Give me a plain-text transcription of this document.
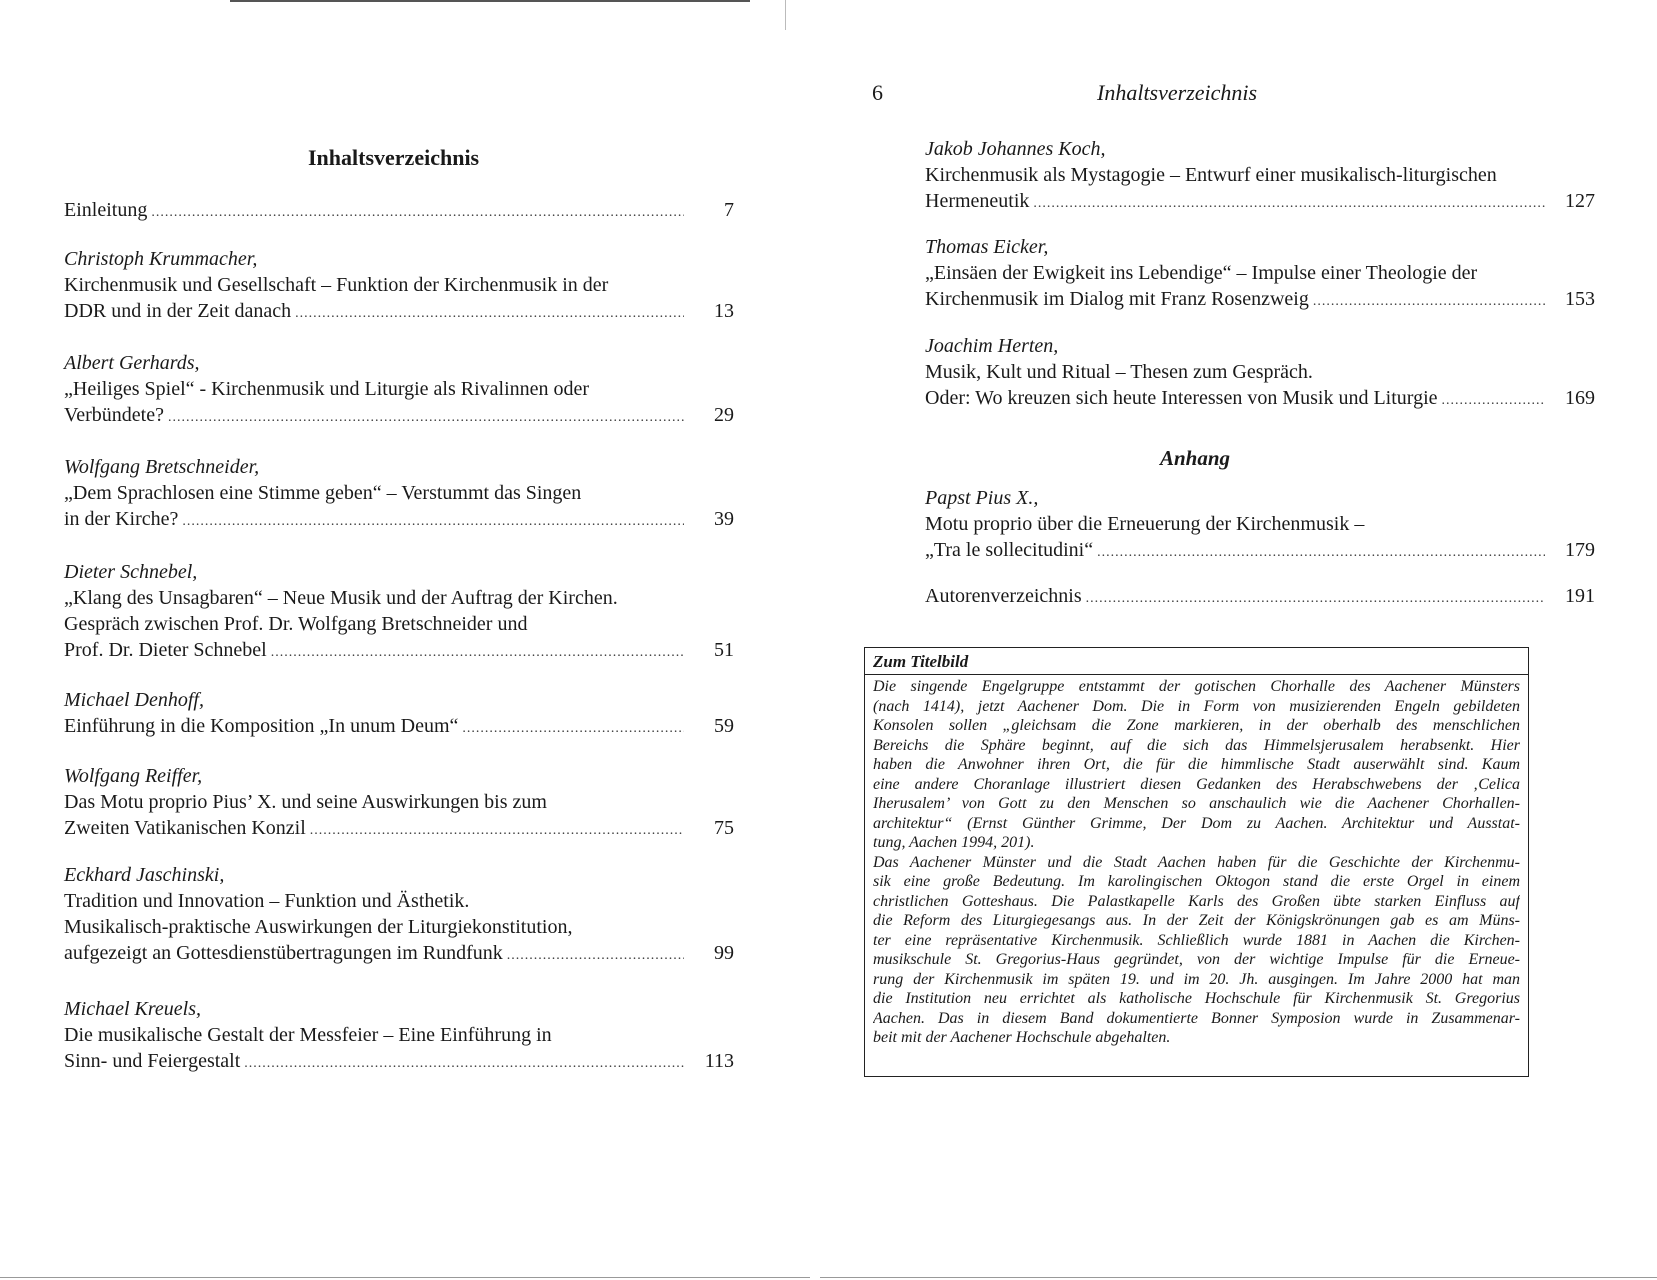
Inhaltsverzeichnis
Einleitung .....	7
Christoph Krummacher,
Kirchenmusik und Gesellschaft – Funktion der Kirchenmusik in der
DDR und in der Zeit danach .....	13
Albert Gerhards,
„Heiliges Spiel“ - Kirchenmusik und Liturgie als Rivalinnen oder
Verbündete? .....	29
Wolfgang Bretschneider,
„Dem Sprachlosen eine Stimme geben“ – Verstummt das Singen
in der Kirche? .....	39
Dieter Schnebel,
„Klang des Unsagbaren“ – Neue Musik und der Auftrag der Kirchen.
Gespräch zwischen Prof. Dr. Wolfgang Bretschneider und
Prof. Dr. Dieter Schnebel .....	51
Michael Denhoff,
Einführung in die Komposition „In unum Deum“ .....	59
Wolfgang Reiffer,
Das Motu proprio Pius’ X. und seine Auswirkungen bis zum
Zweiten Vatikanischen Konzil .....	75
Eckhard Jaschinski,
Tradition und Innovation – Funktion und Ästhetik.
Musikalisch-praktische Auswirkungen der Liturgiekonstitution,
aufgezeigt an Gottesdienstübertragungen im Rundfunk .....	99
Michael Kreuels,
Die musikalische Gestalt der Messfeier – Eine Einführung in
Sinn- und Feiergestalt .....	113
6	Inhaltsverzeichnis
Jakob Johannes Koch,
Kirchenmusik als Mystagogie – Entwurf einer musikalisch-liturgischen
Hermeneutik .....	127
Thomas Eicker,
„Einsäen der Ewigkeit ins Lebendige“ – Impulse einer Theologie der
Kirchenmusik im Dialog mit Franz Rosenzweig .....	153
Joachim Herten,
Musik, Kult und Ritual – Thesen zum Gespräch.
Oder: Wo kreuzen sich heute Interessen von Musik und Liturgie .....	169
Anhang
Papst Pius X.,
Motu proprio über die Erneuerung der Kirchenmusik –
„Tra le sollecitudini“ .....	179
Autorenverzeichnis .....	191
Zum Titelbild
Die singende Engelgruppe entstammt der gotischen Chorhalle des Aachener Münsters
(nach 1414), jetzt Aachener Dom. Die in Form von musizierenden Engeln gebildeten
Konsolen sollen „gleichsam die Zone markieren, in der oberhalb des menschlichen
Bereichs die Sphäre beginnt, auf die sich das Himmelsjerusalem herabsenkt. Hier
haben die Anwohner ihren Ort, die für die himmlische Stadt auserwählt sind. Kaum
eine andere Choranlage illustriert diesen Gedanken des Herabschwebens der ‚Celica
Iherusalem’ von Gott zu den Menschen so anschaulich wie die Aachener Chorhallen-
architektur“ (Ernst Günther Grimme, Der Dom zu Aachen. Architektur und Ausstat-
tung, Aachen 1994, 201).
Das Aachener Münster und die Stadt Aachen haben für die Geschichte der Kirchenmu-
sik eine große Bedeutung. Im karolingischen Oktogon stand die erste Orgel in einem
christlichen Gotteshaus. Die Palastkapelle Karls des Großen übte starken Einfluss auf
die Reform des Liturgiegesangs aus. In der Zeit der Königskrönungen gab es am Müns-
ter eine repräsentative Kirchenmusik. Schließlich wurde 1881 in Aachen die Kirchen-
musikschule St. Gregorius-Haus gegründet, von der wichtige Impulse für die Erneue-
rung der Kirchenmusik im späten 19. und im 20. Jh. ausgingen. Im Jahre 2000 hat man
die Institution neu errichtet als katholische Hochschule für Kirchenmusik St. Gregorius
Aachen. Das in diesem Band dokumentierte Bonner Symposion wurde in Zusammenar-
beit mit der Aachener Hochschule abgehalten.
